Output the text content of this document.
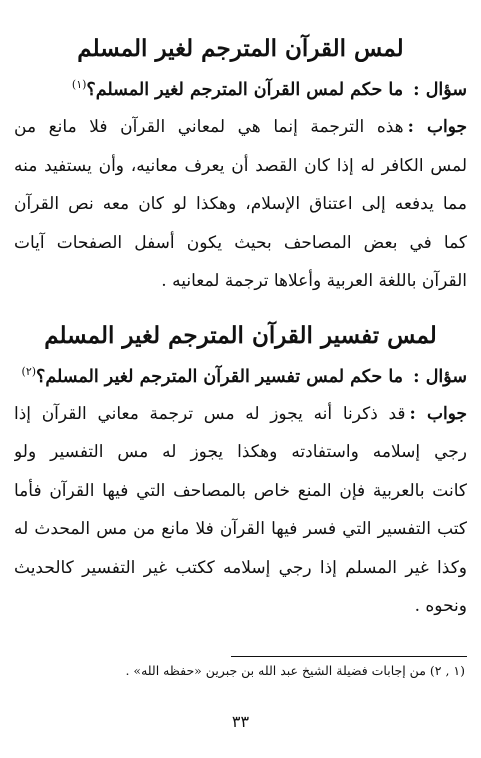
لمس القرآن المترجم لغير المسلم

سؤال : ما حكم لمس القرآن المترجم لغير المسلم؟$^{(١)}$

جواب :هذه الترجمة إنما هي لمعاني القرآن فلا مانع من
لمس الكافر له إذا كان القصد أن يعرف معانيه، وأن يستفيد منه
مما يدفعه إلى اعتناق الإسلام، وهكذا لو كان معه نص القرآن
كما في بعض المصاحف بحيث يكون أسفل الصفحات آيات
القرآن باللغة العربية وأعلاها ترجمة لمعانيه .
لمس تفسير القرآن المترجم لغير المسلم

سؤال : ما حكم لمس تفسير القرآن المترجم لغير المسلم؟$^{(٢)}$

جواب :قد ذكرنا أنه يجوز له مس ترجمة معاني القرآن إذا
رجي إسلامه واستفادته وهكذا يجوز له مس التفسير ولو
كانت بالعربية فإن المنع خاص بالمصاحف التي فيها القرآن فأما
كتب التفسير التي فسر فيها القرآن فلا مانع من مس المحدث له
وكذا غير المسلم إذا رجي إسلامه ككتب غير التفسير كالحديث
ونحوه .
(١ , ٢) من إجابات فضيلة الشيخ عبد الله بن جبرين «حفظه الله» .
٣٣
